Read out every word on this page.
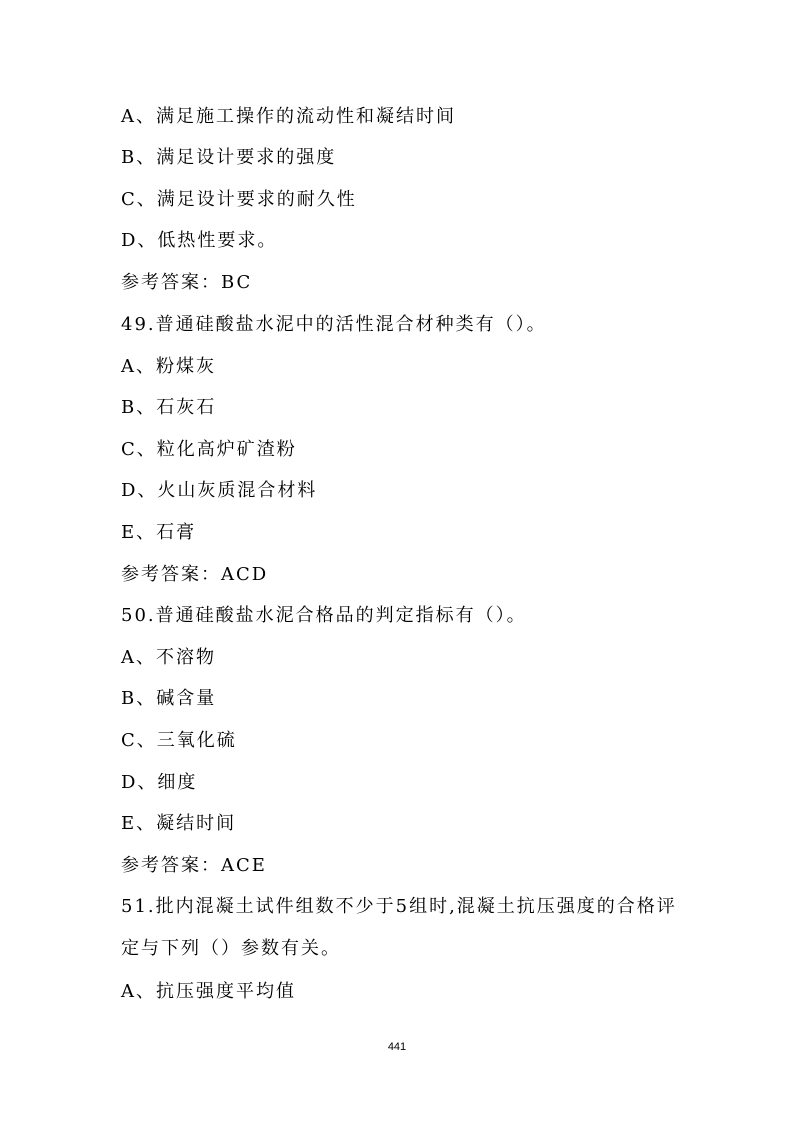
A、满足施工操作的流动性和凝结时间
B、满足设计要求的强度
C、满足设计要求的耐久性
D、低热性要求。
参考答案：BC
49.普通硅酸盐水泥中的活性混合材种类有（）。
A、粉煤灰
B、石灰石
C、粒化高炉矿渣粉
D、火山灰质混合材料
E、石膏
参考答案：ACD
50.普通硅酸盐水泥合格品的判定指标有（）。
A、不溶物
B、碱含量
C、三氧化硫
D、细度
E、凝结时间
参考答案：ACE
51.批内混凝土试件组数不少于5组时,混凝土抗压强度的合格评
定与下列（）参数有关。
A、抗压强度平均值
441
